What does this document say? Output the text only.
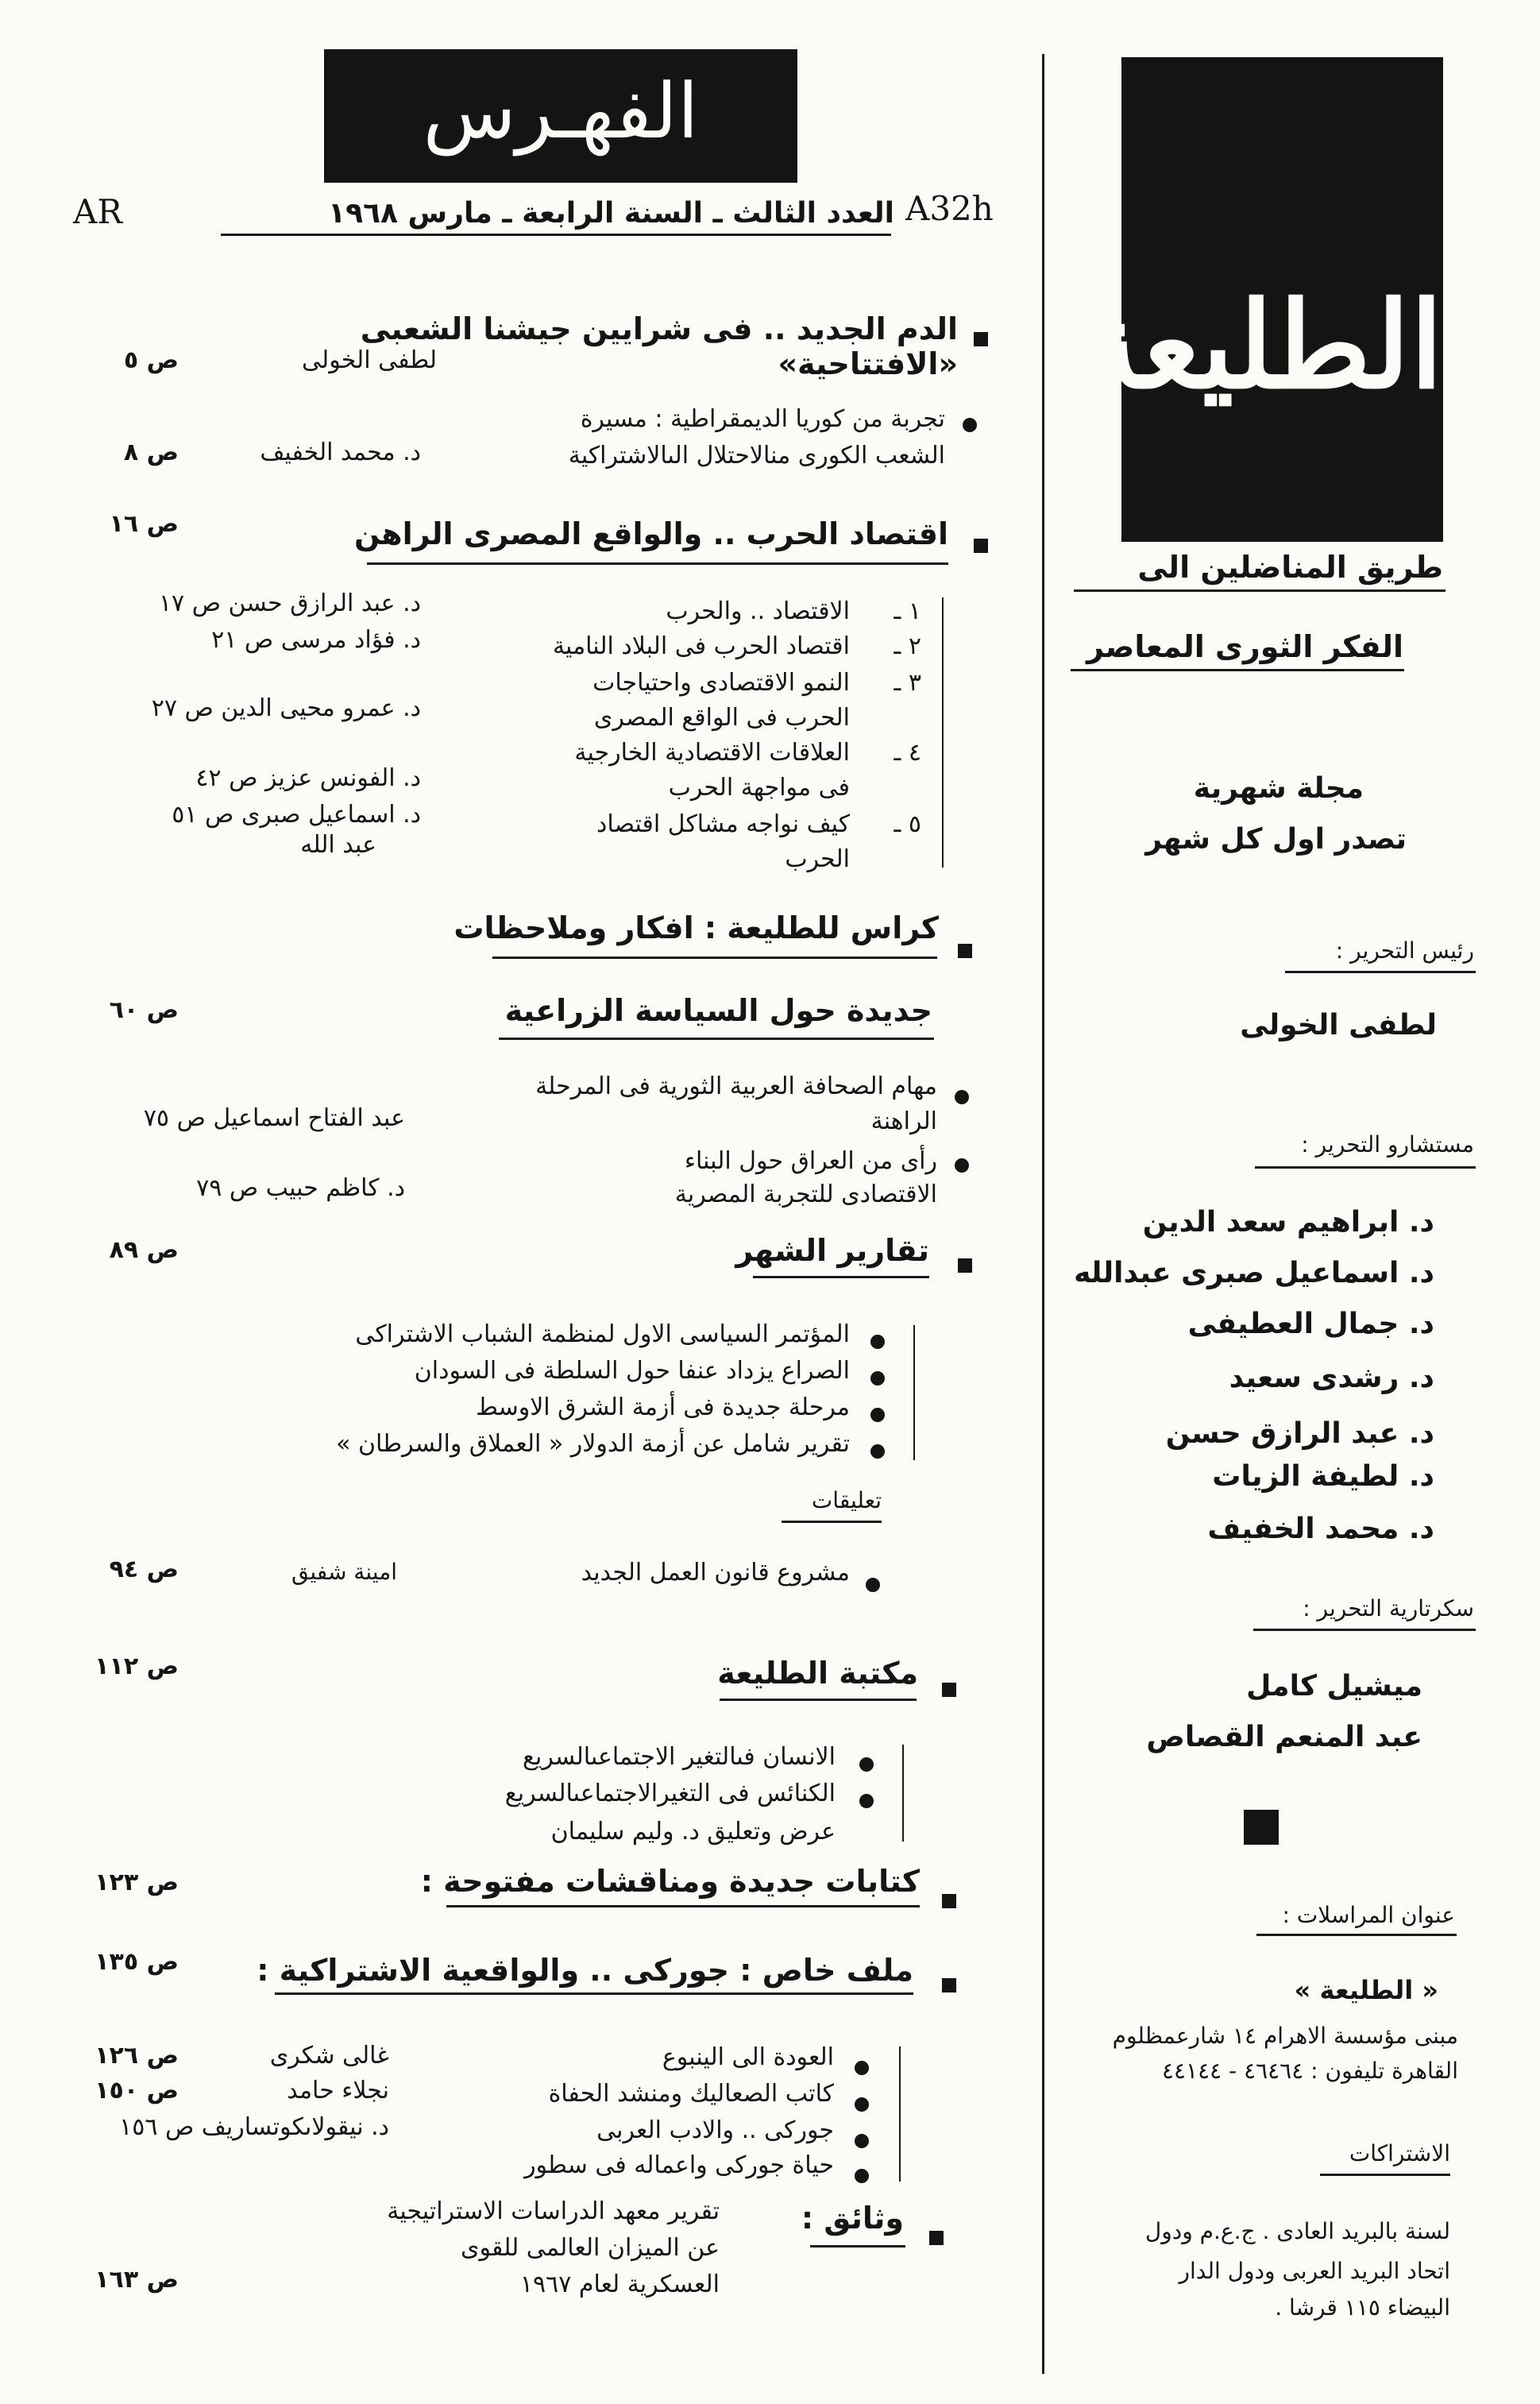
الطليعة
طريق المناضلين الى
الفكر الثورى المعاصر
مجلة شهرية
تصدر اول كل شهر
رئيس التحرير :
لطفى الخولى
مستشارو التحرير :
د. ابراهيم سعد الدين
د. اسماعيل صبرى عبدالله
د. جمال العطيفى
د. رشدى سعيد
د. عبد الرازق حسن
د. لطيفة الزيات
د. محمد الخفيف
سكرتارية التحرير :
ميشيل كامل
عبد المنعم القصاص
عنوان المراسلات :
« الطليعة »
مبنى مؤسسة الاهرام ١٤ شارعمظلوم
القاهرة تليفون : ٤٦٤٦٤ - ٤٤١٤٤
الاشتراكات
لسنة بالبريد العادى . ج.ع.م ودول
اتحاد البريد العربى ودول الدار
البيضاء ١١٥ قرشا .
الفهـرس
AR	العدد الثالث ـ السنة الرابعة ـ مارس ١٩٦٨ A32h
الدم الجديد .. فى شرايين جيشنا الشعبى «الافتتاحية»
لطفى الخولى
ص ٥
تجربة من كوريا الديمقراطية : مسيرة
الشعب الكورى منالاحتلال الىالاشتراكية
د. محمد الخفيف
ص ٨
اقتصاد الحرب .. والواقع المصرى الراهن
ص ١٦
١ ـ
الاقتصاد .. والحرب
د. عبد الرازق حسن ص ١٧
٢ ـ
اقتصاد الحرب فى البلاد النامية
د. فؤاد مرسى ص ٢١
٣ ـ
النمو الاقتصادى واحتياجات
الحرب فى الواقع المصرى
د. عمرو محيى الدين ص ٢٧
٤ ـ
العلاقات الاقتصادية الخارجية
فى مواجهة الحرب
د. الفونس عزيز ص ٤٢
٥ ـ
كيف نواجه مشاكل اقتصاد
الحرب
د. اسماعيل صبرى ص ٥١
عبد الله
كراس للطليعة : افكار وملاحظات
جديدة حول السياسة الزراعية
ص ٦٠
مهام الصحافة العربية الثورية فى المرحلة
الراهنة
عبد الفتاح اسماعيل ص ٧٥
رأى من العراق حول البناء
الاقتصادى للتجربة المصرية
د. كاظم حبيب ص ٧٩
تقارير الشهر
ص ٨٩
المؤتمر السياسى الاول لمنظمة الشباب الاشتراكى
الصراع يزداد عنفا حول السلطة فى السودان
مرحلة جديدة فى أزمة الشرق الاوسط
تقرير شامل عن أزمة الدولار « العملاق والسرطان »
تعليقات
مشروع قانون العمل الجديد
امينة شفيق
ص ٩٤
مكتبة الطليعة
ص ١١٢
الانسان فىالتغير الاجتماعىالسريع
الكنائس فى التغيرالاجتماعىالسريع
عرض وتعليق د. وليم سليمان
كتابات جديدة ومناقشات مفتوحة :
ص ١٢٣
ملف خاص : جوركى .. والواقعية الاشتراكية :
ص ١٣٥
العودة الى الينبوع
غالى شكرى
ص ١٢٦
كاتب الصعاليك ومنشد الحفاة
نجلاء حامد
ص ١٥٠
جوركى .. والادب العربى
د. نيقولاىكوتساريف ص ١٥٦
حياة جوركى واعماله فى سطور
وثائق :
تقرير معهد الدراسات الاستراتيجية
عن الميزان العالمى للقوى
العسكرية لعام ١٩٦٧
ص ١٦٣
